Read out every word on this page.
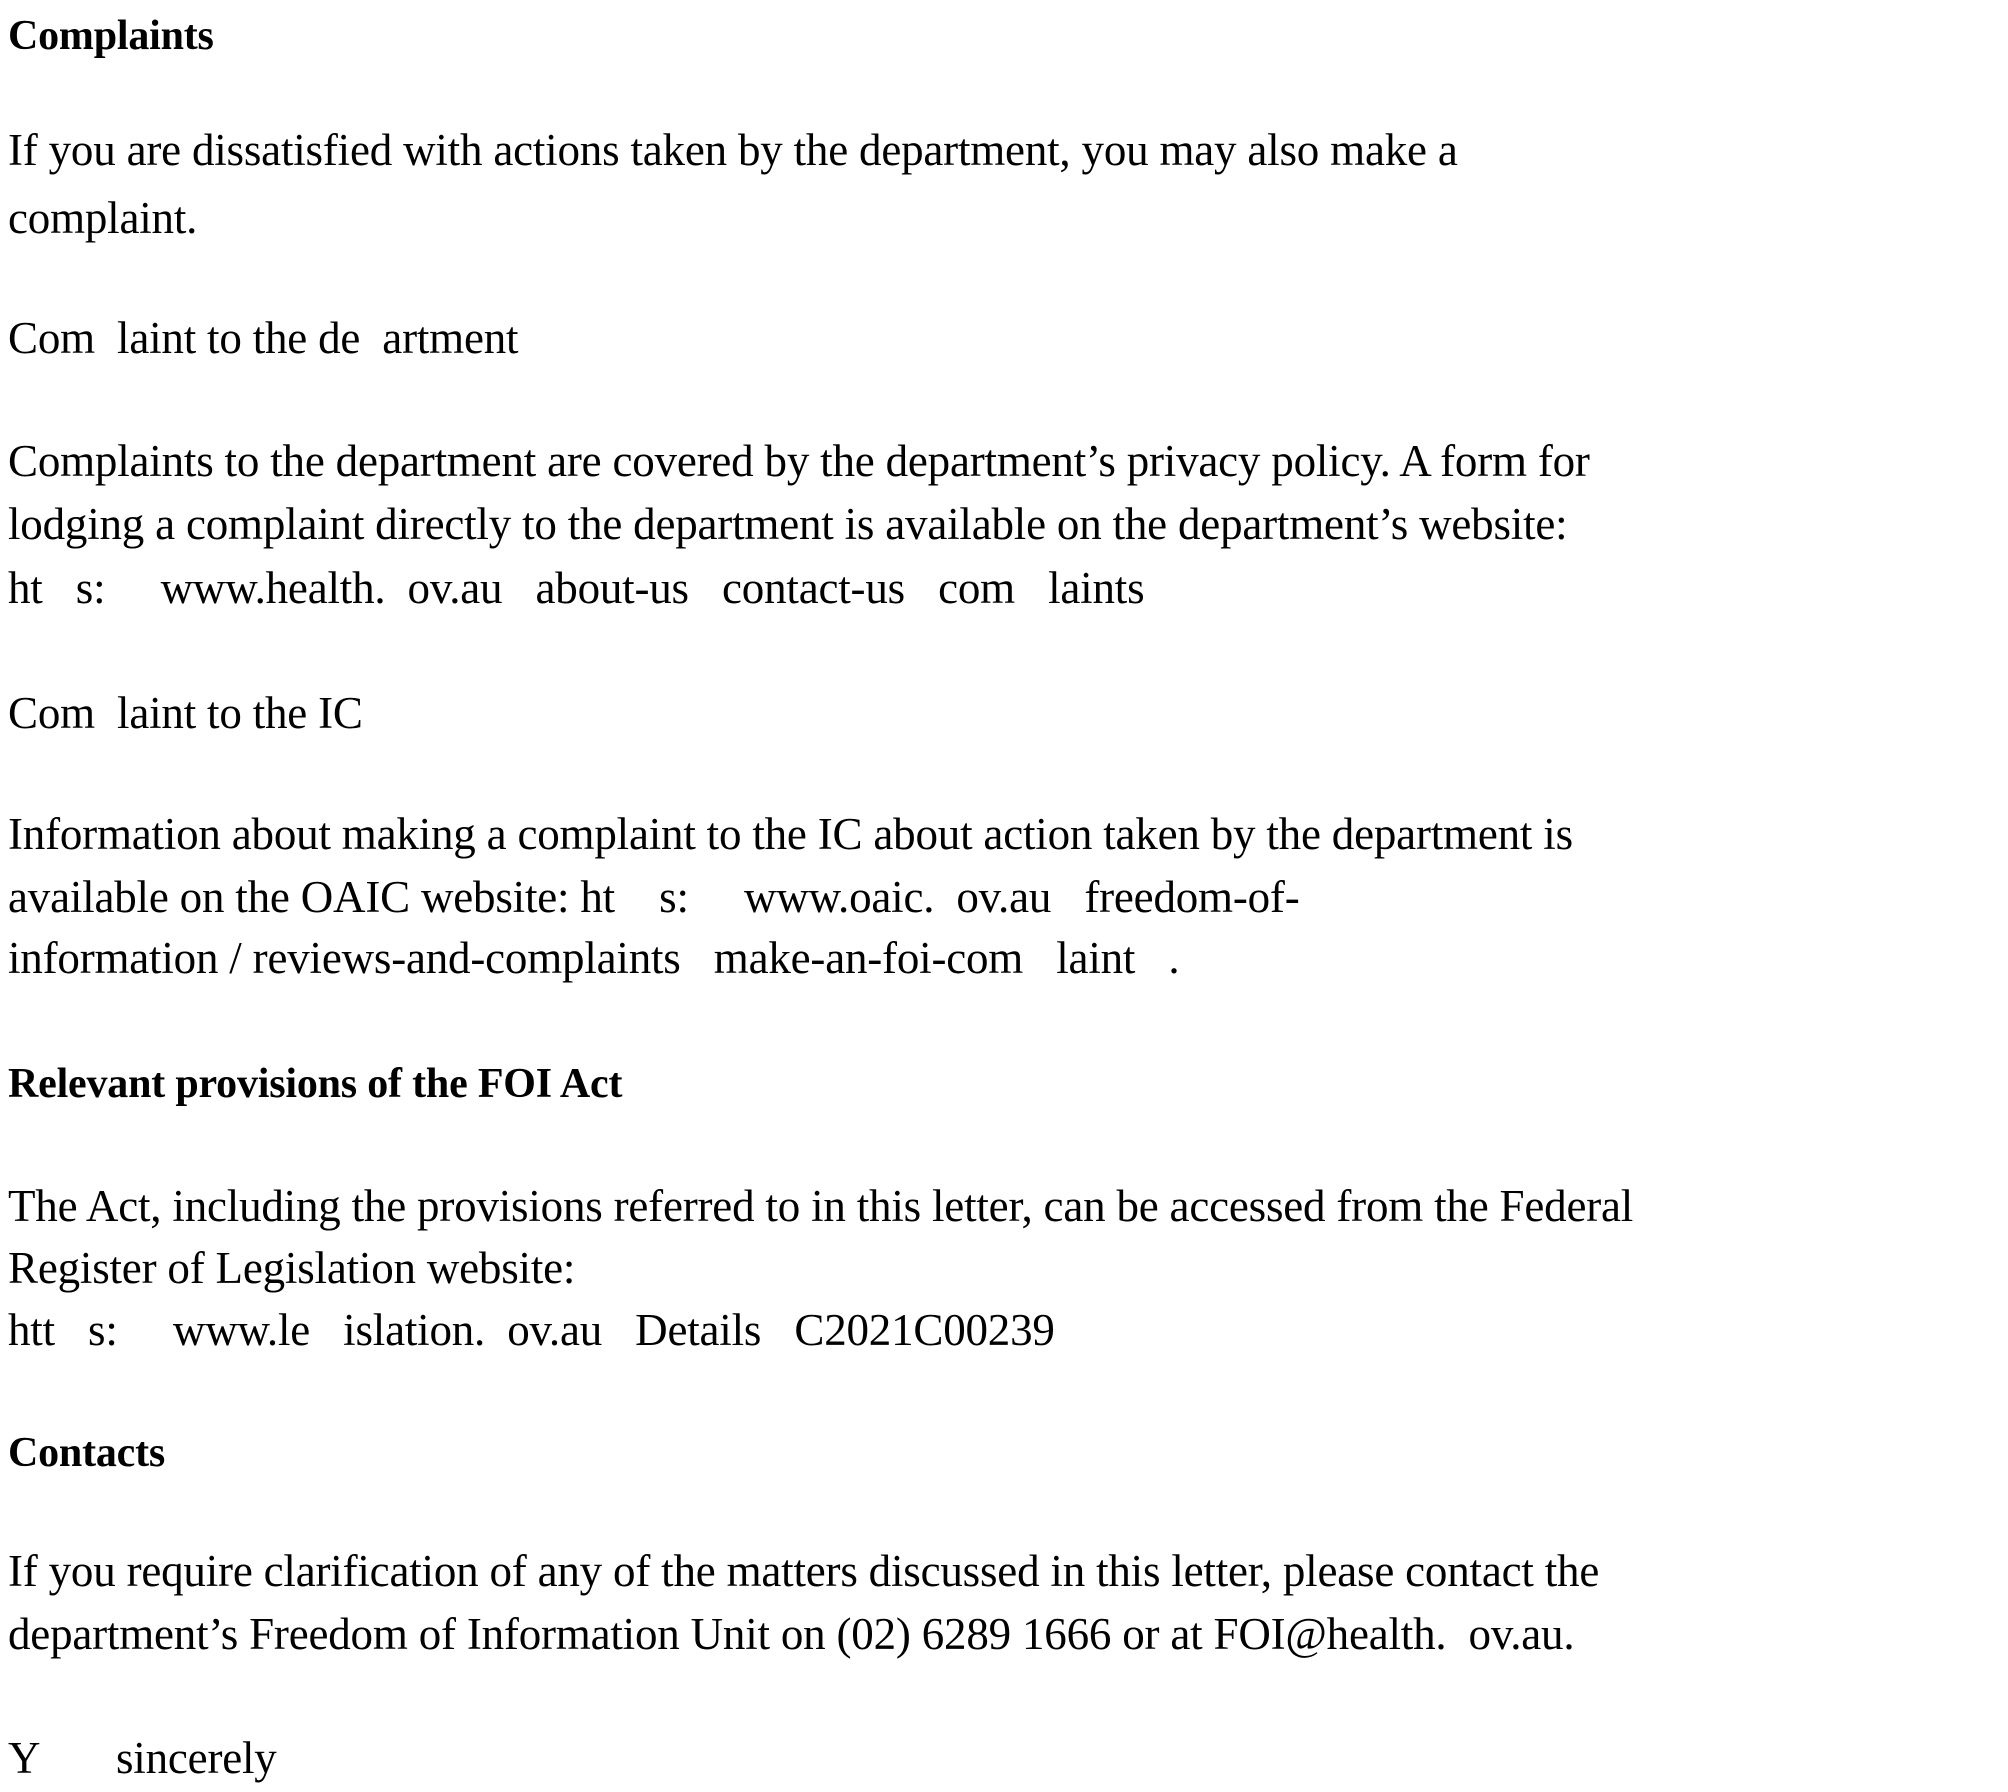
Complaints
If you are dissatisfied with actions taken by the department, you may also make a
complaint.
Com  laint to the de  artment
Complaints to the department are covered by the department’s privacy policy. A form for
lodging a complaint directly to the department is available on the department’s website:
ht   s:     www.health.  ov.au   about-us   contact-us   com   laints
Com  laint to the IC
Information about making a complaint to the IC about action taken by the department is
available on the OAIC website: ht    s:     www.oaic.  ov.au   freedom-of-
information / reviews-and-complaints   make-an-foi-com   laint   .
Relevant provisions of the FOI Act
The Act, including the provisions referred to in this letter, can be accessed from the Federal
Register of Legislation website:
htt   s:     www.le   islation.  ov.au   Details   C2021C00239
Contacts
If you require clarification of any of the matters discussed in this letter, please contact the
department’s Freedom of Information Unit on (02) 6289 1666 or at FOI@health.  ov.au.
Y       sincerely
